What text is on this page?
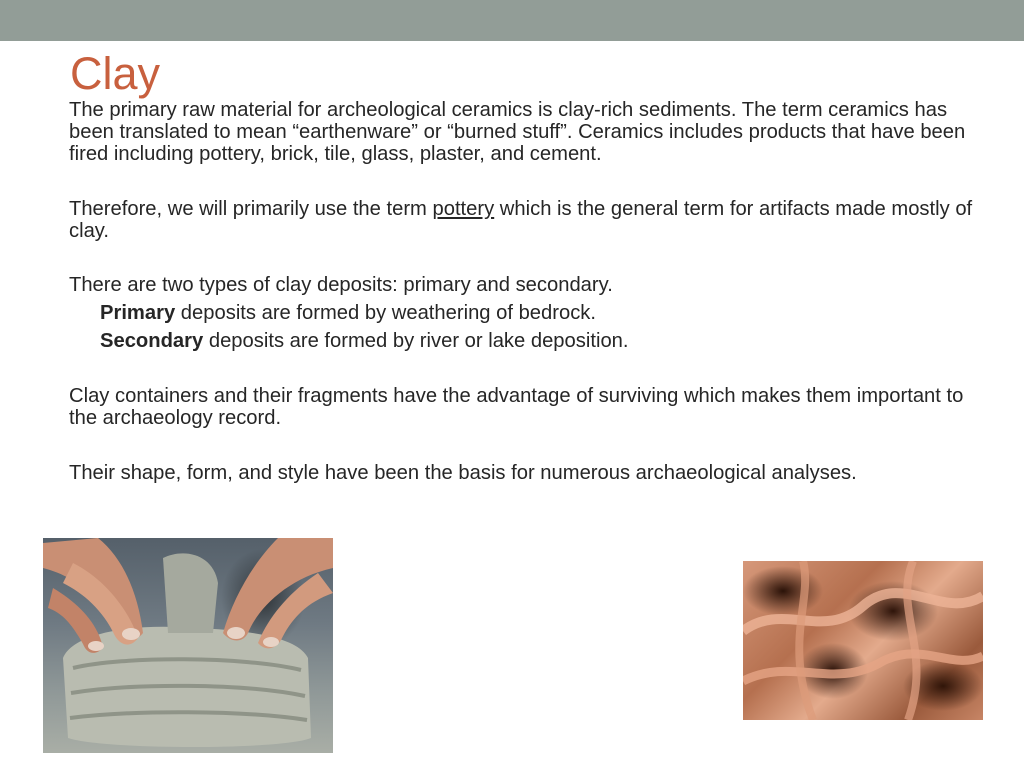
Clay

The primary raw material for archeological ceramics is clay-rich sediments. The term ceramics has been translated to mean “earthenware” or “burned stuff”. Ceramics includes products that have been fired including pottery, brick, tile, glass, plaster, and cement.

Therefore, we will primarily use the term pottery which is the general term for artifacts made mostly of clay.

There are two types of clay deposits: primary and secondary.

Primary deposits are formed by weathering of bedrock.

Secondary deposits are formed by river or lake deposition.

Clay containers and their fragments have the advantage of surviving which makes them important to the archaeology record.

Their shape, form, and style have been the basis for numerous archaeological analyses.
